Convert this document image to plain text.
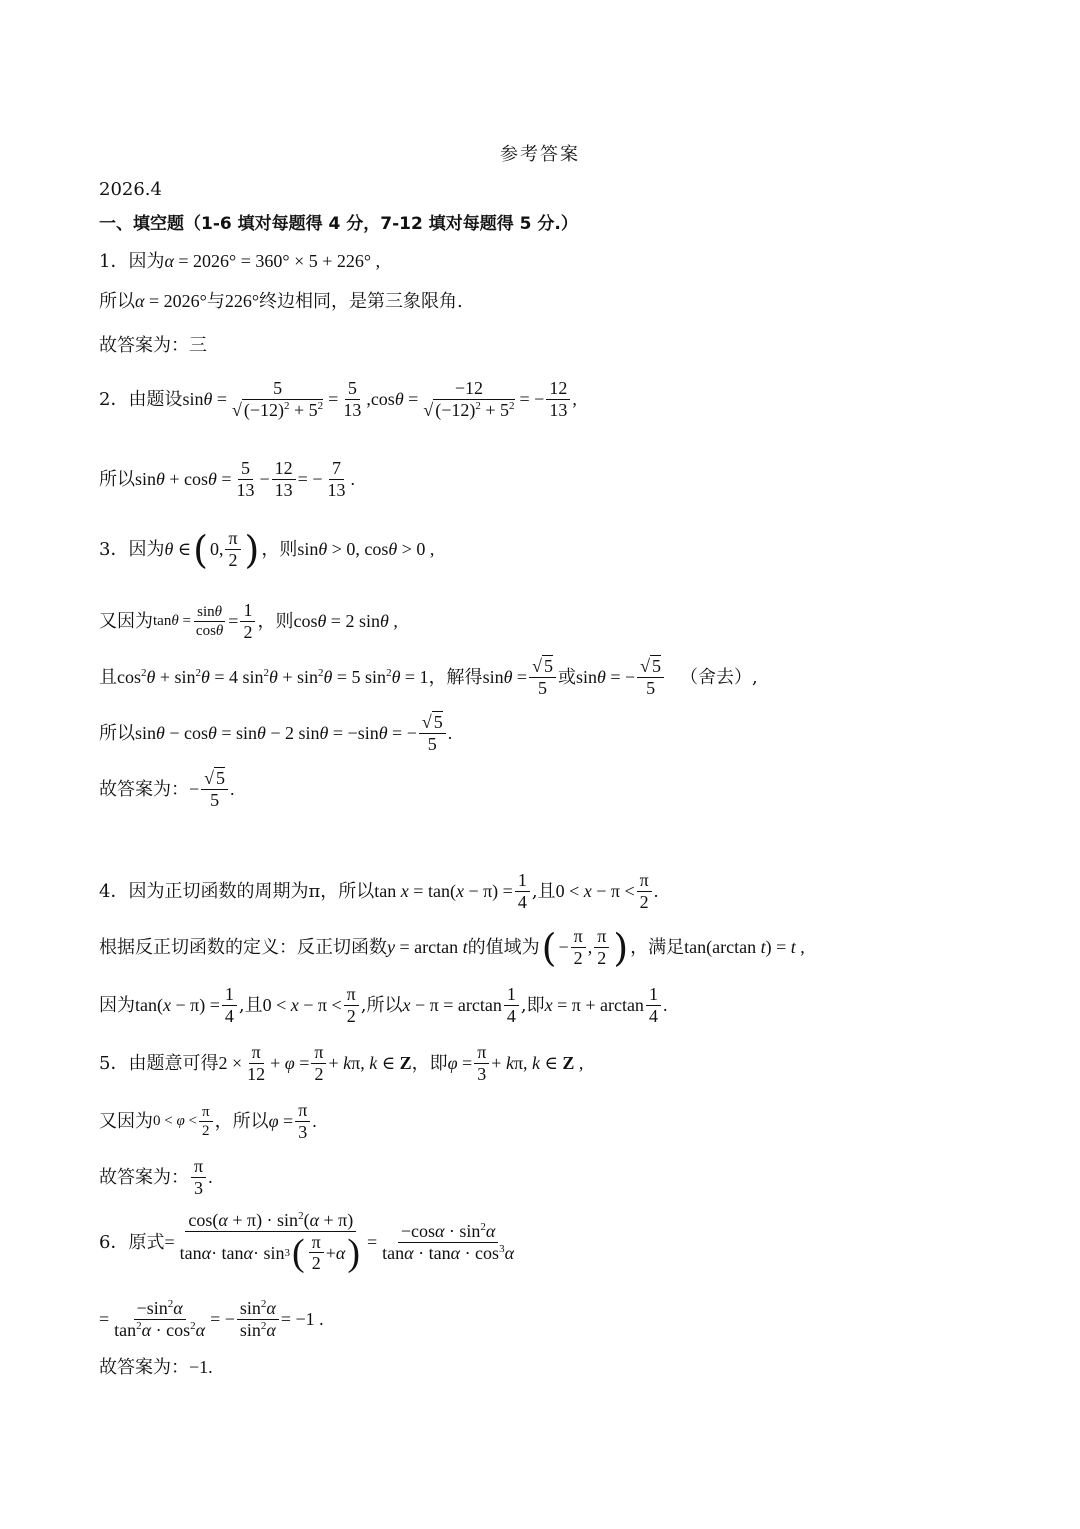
参考答案
2026.4
一、填空题（1-6 填对每题得 4 分，7-12 填对每题得 5 分.）
1． 因为 α = 2026° = 360° × 5 + 226° ,
所以 α = 2026° 与 226° 终边相同，是第三象限角.
故答案为： 三
2． 由题设 $\sin\theta = \frac{5}{√ (-12)^2 + 5^2} = \frac{5}{13} ,\cos\theta = \frac{-12}{√ (-12)^2 + 5^2}$ = − $\frac{12}{13}$ ,
所以 $\sin\theta + \cos\theta = \frac{5}{13} - \frac{12}{13}$ = − $\frac{7}{13}$ .
3． 因为 θ ∈ ( 0, $\frac{\pi}{2}$ ) ，则 sinθ > 0, cosθ > 0 ,
又因为 $\tan\theta = \frac{\sin\theta}{\cos\theta} = \frac{1}{2}$ ，则 cosθ = 2 sinθ ,
且 $\cos^2\theta + \sin^2\theta = 4$ $\sin^2\theta + \sin^2\theta = 5$ $\sin^2\theta = 1$ ，解得 $\sin\theta = \frac{√ 5}{5}$ 或 sinθ = − $\frac{√ 5}{5}$ （舍去）,
所以 sinθ − cosθ = sinθ − 2 sinθ = −sinθ = − $\frac{√ 5}{5}$ .
故答案为： − $\frac{√ 5}{5}$ .
4． 因为正切函数的周期为π，所以 $\tan x = \tan(x - \pi) = \frac{1}{4}$ ,且 $0 < x - \pi < \frac{\pi}{2}$ .
根据反正切函数的定义：反正切函数 y = arctan t 的值域为 ( − $\frac{\pi}{2}$ , $\frac{\pi}{2}$ ) ，满足 tan(arctan t) = t ,
因为 $\tan(x - \pi) = \frac{1}{4}$ ,且 $0 < x - \pi < \frac{\pi}{2}$ ,所以 $x - \pi = \arctan \frac{1}{4}$ ,即 $x = \pi + \arctan \frac{1}{4}$ .
5． 由题意可得 $2 \times \frac{\pi}{12} + \varphi = \frac{\pi}{2} + k\pi$, k ∈ Z ，即 $\varphi = \frac{\pi}{3} + k\pi$, k ∈ Z ,
又因为 $0 < \varphi < \frac{\pi}{2}$ ，所以 $\varphi = \frac{\pi}{3}$ .
故答案为： $\frac{\pi}{3}$ .
6． 原式 = $\frac{\cos(\alpha + \pi) \cdot \sin^2(\alpha + \pi)}{\tan \alpha \cdot \tan \alpha \cdot \sin 3 ( \frac{\pi}{2} + \alpha )} = \frac{-\cos\alpha \cdot \sin^2\alpha}{\tan\alpha \cdot \tan\alpha \cdot \cos^3\alpha}$
= $\frac{-\sin^2\alpha}{\tan^2\alpha \cdot \cos^2\alpha}$ = − $\frac{\sin^2\alpha}{\sin^2\alpha} = -1$ .
故答案为： −1.
